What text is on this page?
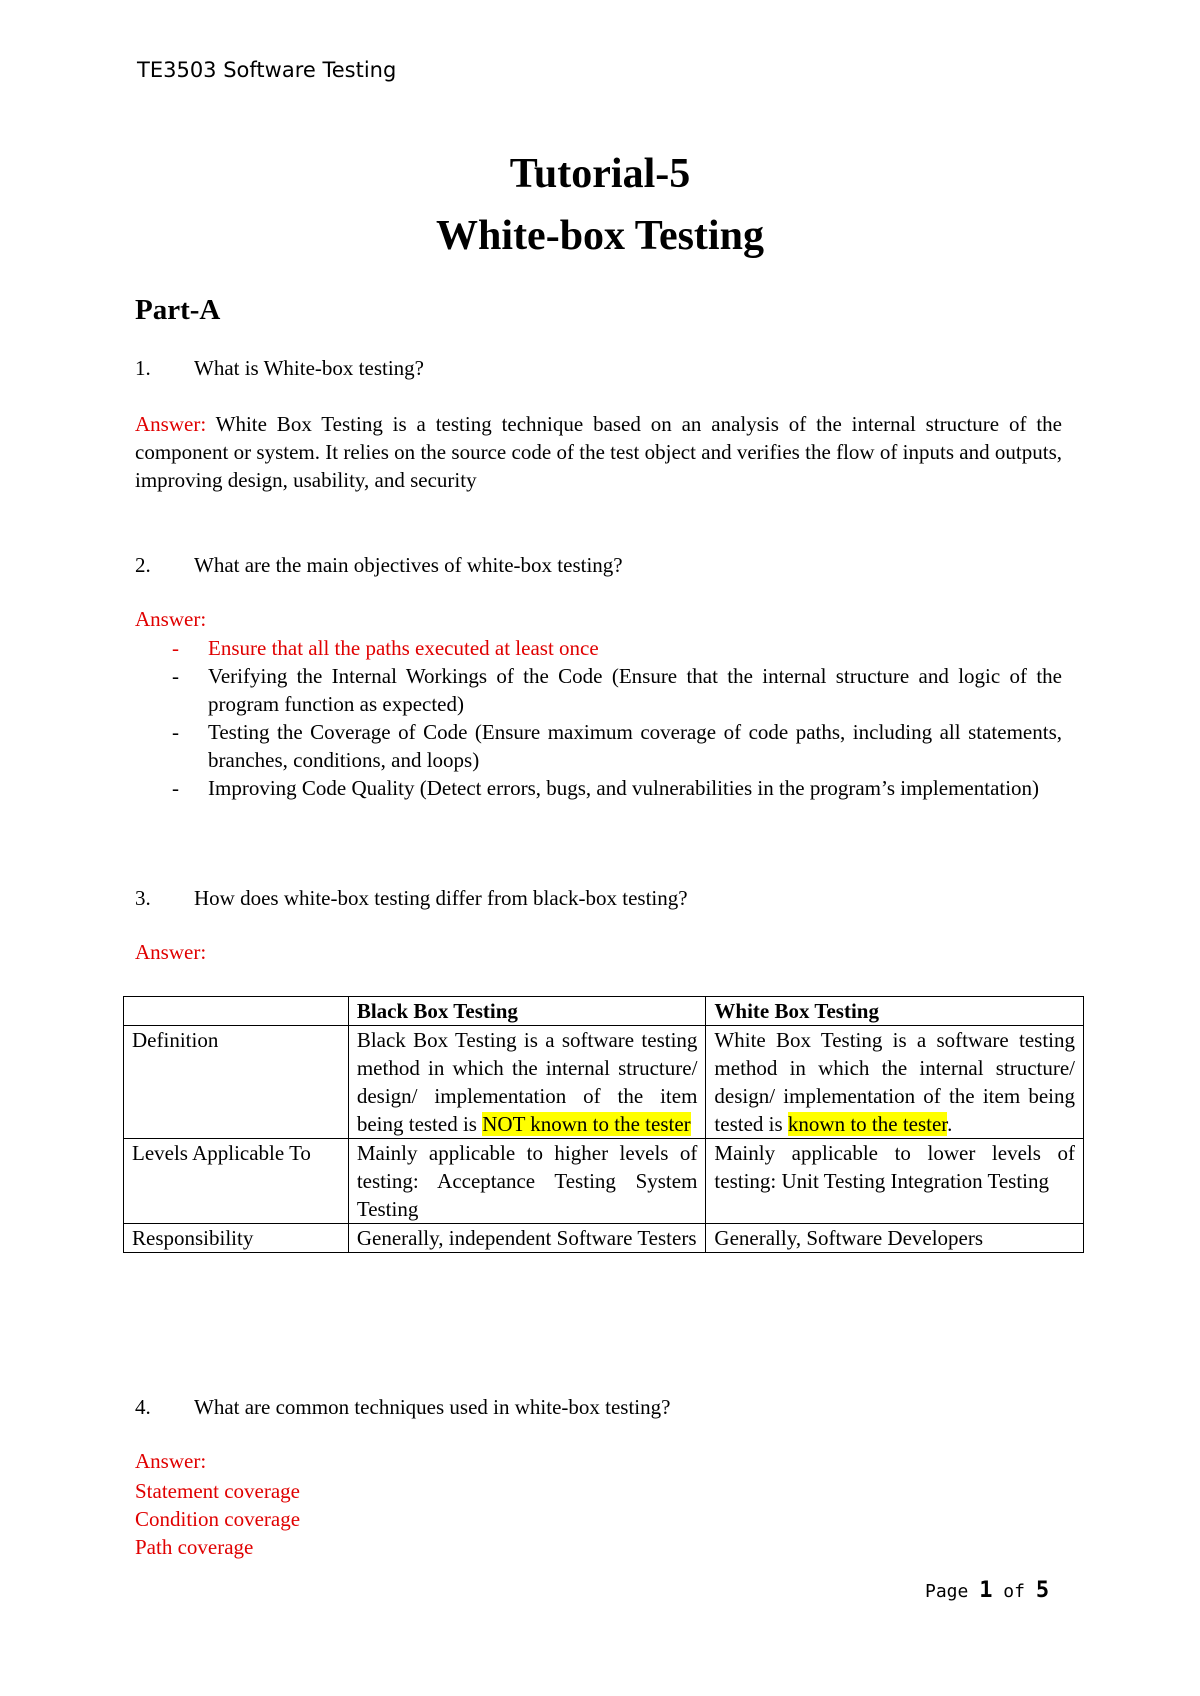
TE3503 Software Testing
Tutorial-5
White-box Testing
Part-A
1. What is White-box testing?
Answer: White Box Testing is a testing technique based on an analysis of the internal structure of the component or system. It relies on the source code of the test object and verifies the flow of inputs and outputs, improving design, usability, and security
2. What are the main objectives of white-box testing?
Answer:
- Ensure that all the paths executed at least once
- Verifying the Internal Workings of the Code (Ensure that the internal structure and logic of the program function as expected)
- Testing the Coverage of Code (Ensure maximum coverage of code paths, including all statements, branches, conditions, and loops)
- Improving Code Quality (Detect errors, bugs, and vulnerabilities in the program’s implementation)
3. How does white-box testing differ from black-box testing?
Answer:
	Black Box Testing	White Box Testing
Definition	Black Box Testing is a software testing method in which the internal structure/ design/ implementation of the item being tested is NOT known to the tester	White Box Testing is a software testing method in which the internal structure/ design/ implementation of the item being tested is known to the tester.
Levels Applicable To	Mainly applicable to higher levels of testing: Acceptance Testing System Testing	Mainly applicable to lower levels of testing: Unit Testing Integration Testing
Responsibility	Generally, independent Software Testers	Generally, Software Developers
4. What are common techniques used in white-box testing?
Answer:
Statement coverage
Condition coverage
Path coverage
Page 1 of 5
